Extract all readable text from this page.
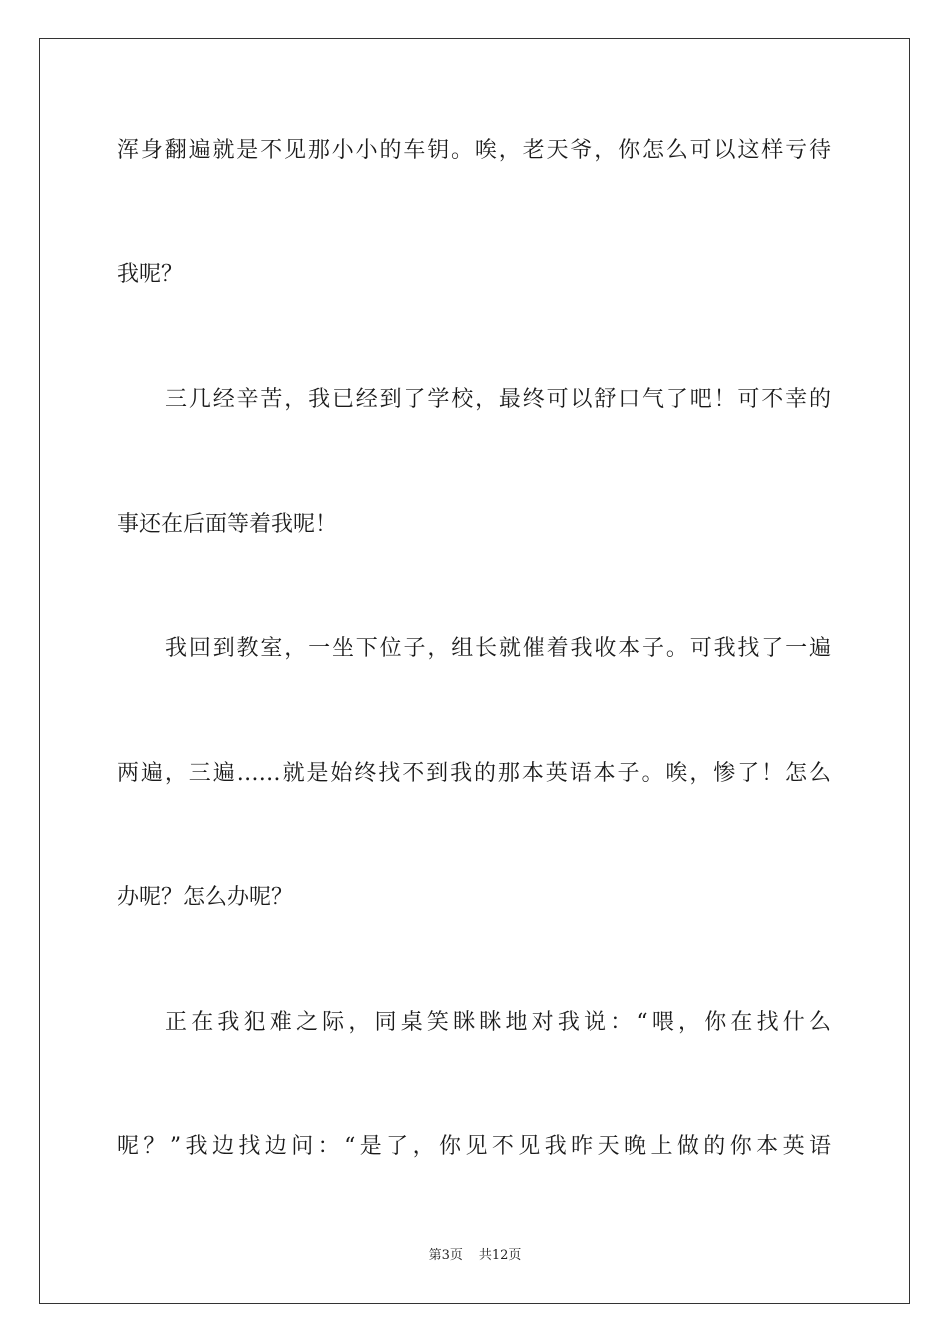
浑身翻遍就是不见那小小的车钥。唉，老天爷，你怎么可以这样亏待
我呢？
三几经辛苦，我已经到了学校，最终可以舒口气了吧！可不幸的
事还在后面等着我呢！
我回到教室，一坐下位子，组长就催着我收本子。可我找了一遍
两遍，三遍……就是始终找不到我的那本英语本子。唉，惨了！怎么
办呢？怎么办呢？
正在我犯难之际，同桌笑眯眯地对我说：“喂，你在找什么
呢？”我边找边问：“是了，你见不见我昨天晚上做的你本英语
第3页 共12页
